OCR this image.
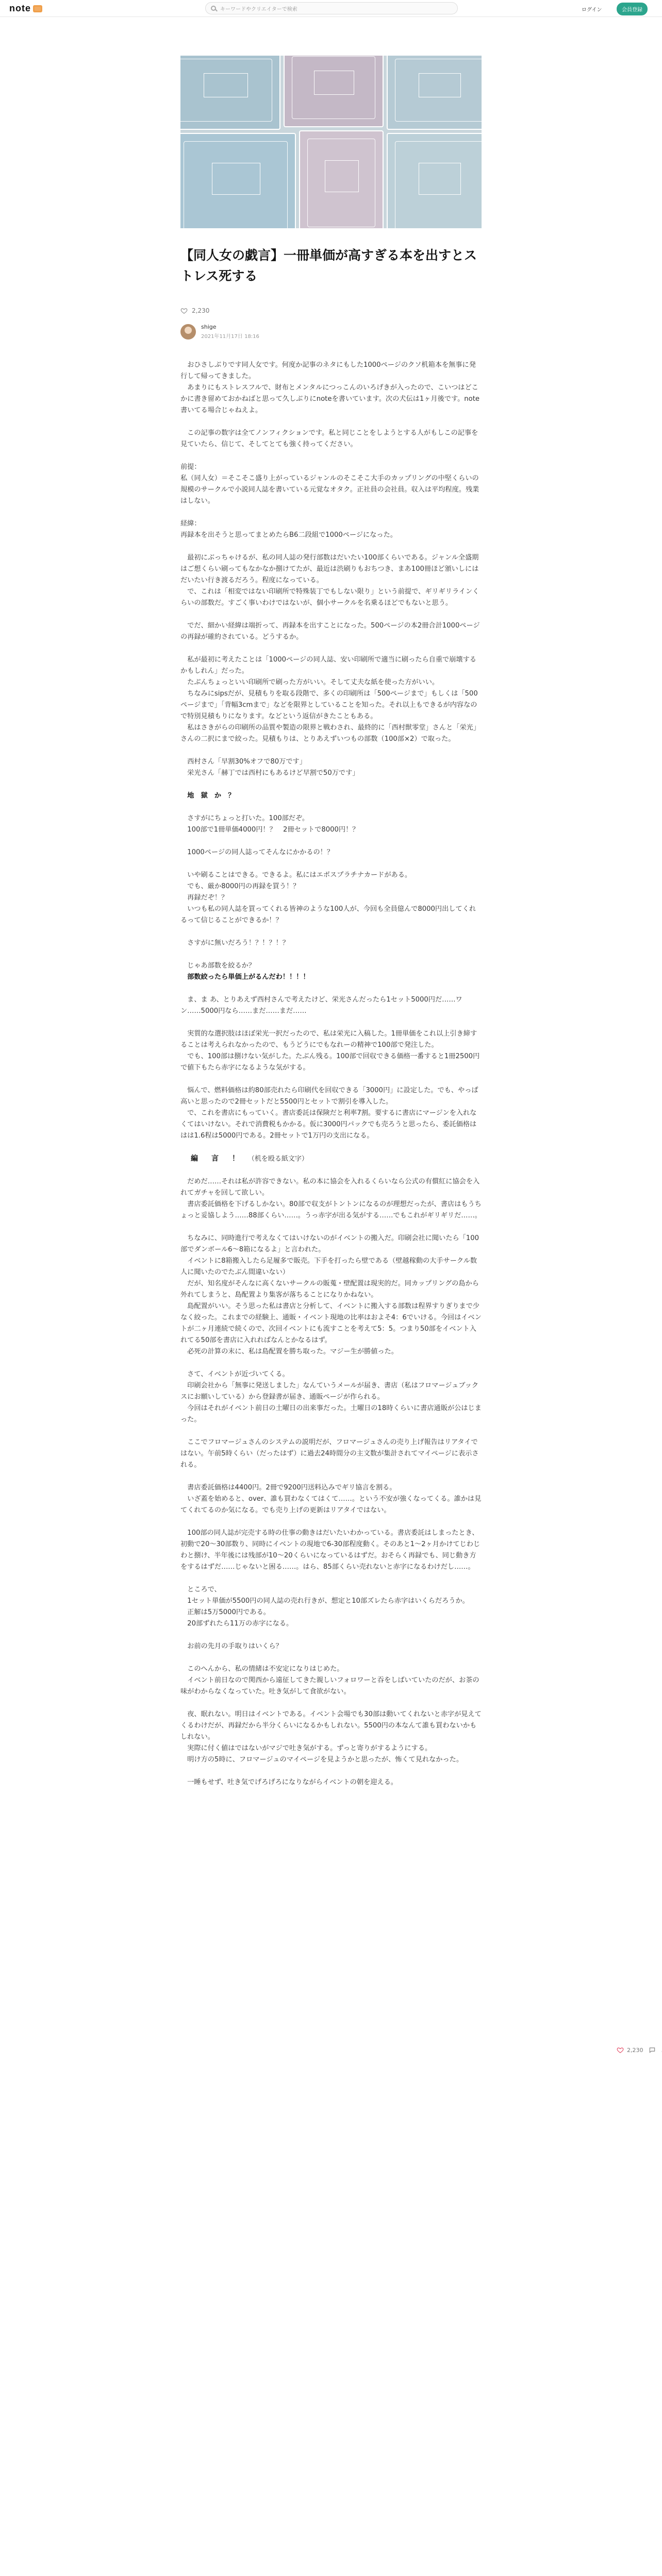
note	キーワードやクリエイターで検索	ログイン	会員登録
【同人女の戯言】一冊単価が高すぎる本を出すとストレス死する
2,230
shige
2021年11月17日 18:16

　おひさしぶりです同人女です。何度か記事のネタにもした1000ページのクソ机箱本を無事に発行して帰ってきました。

　あまりにもストレスフルで、財布とメンタルにつっこんのいろげきが入ったので、こいつはどこかに書き留めておかねばと思って久しぶりにnoteを書いています。次の犬伝は1ヶ月後です。note書いてる場合じゃねえよ。

　この記事の数字は全てノンフィクションです。私と同じことをしようとする人がもしこの記事を見ていたら、信じて、そしてとても強く持ってください。

前提：

私（同人女）＝そこそこ盛り上がっているジャンルのそこそこ大手のカップリングの中堅くらいの規模のサークルで小説同人誌を書いている元覚なオタク。正社員の会社員。収入は平均程度。残業はしない。

経緯：

再録本を出そうと思ってまとめたらB6二段組で1000ページになった。

　最初にぶっちゃけるが、私の同人誌の発行部数はだいたい100部くらいである。ジャンル全盛期はご想くらい刷ってもなかなか捌けてたが、最近は渋刷りもおちつき、まあ100冊ほど頒いしにはだいたい行き渡るだろう。程度になっている。

　で、これは「相変ではない印刷所で特殊装丁でもしない限り」という前提で、ギリギリラインくらいの部数だ。すごく事いわけではないが、個小サークルを名乗るほどでもないと思う。

　でだ、細かい経緯は端折って、再録本を出すことになった。500ページの本2冊合計1000ページの再録が確約されている。どうするか。

　私が最初に考えたことは「1000ページの同人誌、安い印刷所で適当に刷ったら自重で崩壊するかもしれん」だった。

　たぶんちょっといい印刷所で刷った方がいい。そして丈夫な紙を使った方がいい。

　ちなみにsipsだが、見積もりを取る段階で、多くの印刷所は「500ページまで」もしくは「500ページまで」「背幅3cmまで」などを限界としていることを知った。それ以上もできるが内容なので特別見積もりになります。などという返信がきたこともある。

　私はさきがらの印刷所の品質や製造の限界と戦わされ、最終的に「西村獣零堂」さんと「栄光」さんの二択にまで絞った。見積もりは、とりあえずいつもの部数（100部×2）で取った。

　西村さん「早割30%オフで80万です」

　栄光さん「赫丁では西村にもあるけど早割で50万です」

　地　獄　か　？

　さすがにちょっと打いた。100部だぞ。

　100部で1冊単価4000円！？　2冊セットで8000円！？

　1000ページの同人誌ってそんなにかかるの！？

　いや刷ることはできる。できるよ。私にはエポスプラチナカードがある。

　でも、厳か8000円の再録を買う！？

　再録だぞ！？

　いつも私の同人誌を買ってくれる皆神のような100人が、今回も全員億んで8000円出してくれるって信じることができるか！？

　さすがに無いだろう！？！？！？

　じゃあ部数を絞るか？

　部数絞ったら単価上がるんだわ！！！！

　ま、ま あ、とりあえず西村さんで考えたけど、栄光さんだったら1セット5000円だ……ワン……5000円なら……まだ……まだ……

　実質的な選択肢はほぼ栄光一択だったので、私は栄光に入稿した。1冊単価をこれ以上引き締することは考えられなかったので、もうどうにでもなれーの精神で100部で発注した。

　でも、100部は捌けない気がした。たぶん残る。100部で回収できる価格一番すると1冊2500円で値下もたら赤字になるような気がする。

　悩んで、燃料価格は約80部売れたら印刷代を回収できる「3000円」に設定した。でも、やっぱ高いと思ったので2冊セットだと5500円とセットで割引を導入した。

　で、これを書店にもっていく。書店委託は保険だと利率7割。要するに書店にマージンを入れなくてはいけない。それで消費税もかかる。仮に3000円パックでも売ろうと思ったら、委託価格ははは1.6程は5000円である。2冊セットで1万円の支出になる。

　編　言　！ （机を殴る紙文字）

　だめだ……それは私が許容できない。私の本に協会を入れるくらいなら公式の有償紅に協会を入れてガチャを回して欲しい。

　書店委託価格を下げるしかない。80部で収支がトントンになるのが理想だったが、書店はもうちょっと妥協しよう……88部くらい……。うっ赤字が出る気がする……でもこれがギリギリだ……。

　ちなみに、同時進行で考えなくてはいけないのがイベントの搬入だ。印刷会社に聞いたら「100部でダンボール6～8箱になるよ」と言われた。

　イベントに8箱搬入したら足履多で販売。下手を打ったら壁である（壁越稼動の大手サークル数人に聞いたのでたぶん間違いない）

　だが、知名度がそんなに高くないサークルの販蒐・壁配置は現実的だ。同カップリングの島から外れてしまうと、島配置より集客が落ちることになりかねない。

　島配置がいい。そう思った私は書店と分析して、イベントに搬入する部数は程界すりぎりまで少なく絞った。これまでの経験上、通販・イベント現地の比率はおよそ4：6でいける。今回はイベントが二ヶ月連続で続くので、次回イベントにも流すことを考えて5：5。つまり50部をイベント入れてる50部を書店に入れればなんとかなるはず。

　必死の計算の末に、私は島配置を勝ち取った。マジー生が勝値った。

　さて、イベントが近づいてくる。

　印刷会社から「無事に発送しました」なんていうメールが届き、書店（私はフロマージュブックスにお願いしている）から登録書が届き、通販ページが作られる。

　今回はそれがイベント前日の土曜日の出来事だった。土曜日の18時くらいに書店通販が公はじまった。

　ここでフロマージュさんのシステムの説明だが、フロマージュさんの売り上げ報告はリアタイではない。午前5時くらい（だったはず）に過去24時間分の主文数が集計されてマイページに表示される。

　書店委託価格は4400円。2冊で9200円送料込みでギリ協言を割る。

　いざ蓋を始めると、over、誰も買わなくてはくて……。という不安が強くなってくる。誰かは見てくれてるのか気になる。でも売り上げの更新はリアタイではない。

　100部の同人誌が完売する時の仕事の動きはだいたいわかっている。書店委託はしまったとき、初動で20～30部数り、同時にイベントの現地で6-30部程度動く。そのあと1～2ヶ月かけてじわじわと捌け、半年後には残部が10～20くらいになっているはずだ。おそらく再録でも、同じ動き方をするはずだ……じゃないと困る……。はら、85部くらい売れないと赤字になるわけだし……。

　ところで、

　1セット単価が5500円の同人誌の売れ行きが、想定と10部ズレたら赤字はいくらだろうか。

　正解は5万5000円である。

　20部ずれたら11万の赤字になる。

　お前の先月の手取りはいくら？

　このへんから、私の情緒は不安定になりはじめた。

　イベント前日なので関西から遠征してきた親しいフォロワーと吞をしばいていたのだが、お茶の味がわからなくなっていた。吐き気がして食欲がない。

　夜、眠れない。明日はイベントである。イベント会場でも30部は動いてくれないと赤字が見えてくるわけだが、再録だから半分くらいになるかもしれない。5500円の本なんて誰も買わないかもしれない。

　実際に付く値はではないがマジで吐き気がする。ずっと寄りがするようにする。

　明け方の5時に、フロマージュのマイページを見ようかと思ったが、怖くて見れなかった。

　一睡もせず、吐き気でげろげろになりながらイベントの朝を迎える。

2,230
